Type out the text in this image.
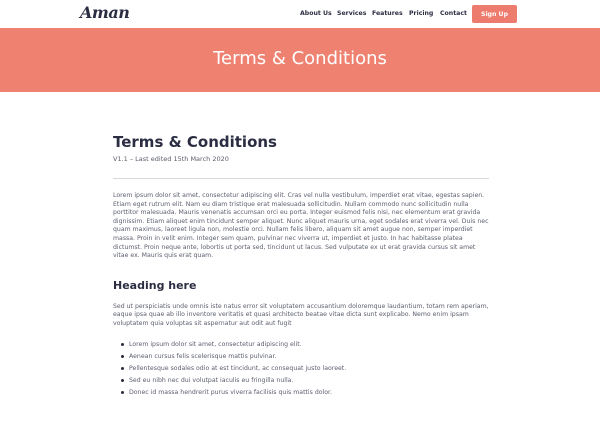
Aman	About Us Services Features Pricing Contact	Sign Up
Terms & Conditions
Terms & Conditions
V1.1 – Last edited 15th March 2020

Lorem ipsum dolor sit amet, consectetur adipiscing elit. Cras vel nulla vestibulum, imperdiet erat vitae, egestas sapien. Etiam eget rutrum elit. Nam eu diam tristique erat malesuada sollicitudin. Nullam commodo nunc sollicitudin nulla porttitor malesuada. Mauris venenatis accumsan orci eu porta. Integer euismod felis nisi, nec elementum erat gravida dignissim. Etiam aliquet enim tincidunt semper aliquet. Nunc aliquet mauris urna, eget sodales erat viverra vel. Duis nec quam maximus, laoreet ligula non, molestie orci. Nullam felis libero, aliquam sit amet augue non, semper imperdiet massa. Proin in velit enim. Integer sem quam, pulvinar nec viverra ut, imperdiet et justo. In hac habitasse platea dictumst. Proin neque ante, lobortis ut porta sed, tincidunt ut lacus. Sed vulputate ex ut erat gravida cursus sit amet vitae ex. Mauris quis erat quam.

Heading here

Sed ut perspiciatis unde omnis iste natus error sit voluptatem accusantium doloremque laudantium, totam rem aperiam, eaque ipsa quae ab illo inventore veritatis et quasi architecto beatae vitae dicta sunt explicabo. Nemo enim ipsam voluptatem quia voluptas sit aspernatur aut odit aut fugit

Lorem ipsum dolor sit amet, consectetur adipiscing elit.
Aenean cursus felis scelerisque mattis pulvinar.
Pellentesque sodales odio at est tincidunt, ac consequat justo laoreet.
Sed eu nibh nec dui volutpat iaculis eu fringilla nulla.
Donec id massa hendrerit purus viverra facilisis quis mattis dolor.
